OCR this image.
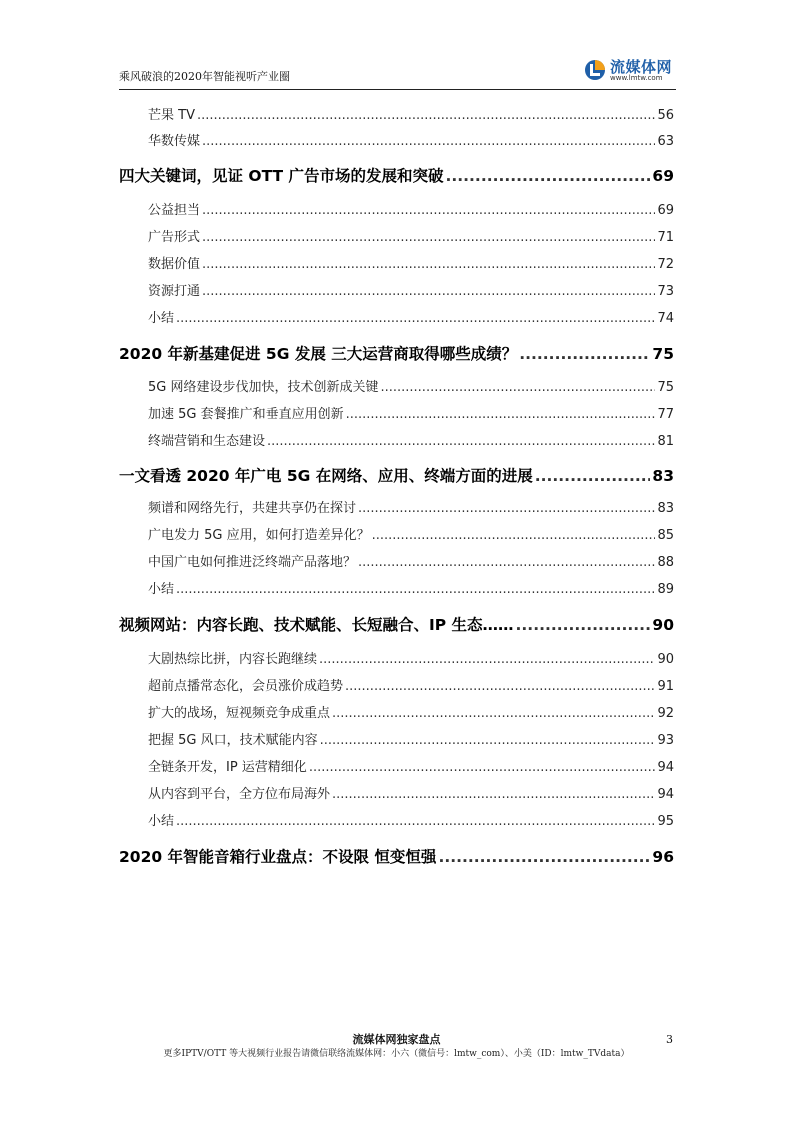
乘风破浪的2020年智能视听产业圈
流媒体网
www.lmtw.com
芒果 TV .....	56
华数传媒 .....	63
四大关键词，见证 OTT 广告市场的发展和突破 .....	69
公益担当 .....	69
广告形式 .....	71
数据价值 .....	72
资源打通 .....	73
小结 .....	74
2020 年新基建促进 5G 发展 三大运营商取得哪些成绩？ .....	75
5G 网络建设步伐加快，技术创新成关键 .....	75
加速 5G 套餐推广和垂直应用创新 .....	77
终端营销和生态建设 .....	81
一文看透 2020 年广电 5G 在网络、应用、终端方面的进展 .....	83
频谱和网络先行，共建共享仍在探讨 .....	83
广电发力 5G 应用，如何打造差异化？ .....	85
中国广电如何推进泛终端产品落地？ .....	88
小结 .....	89
视频网站：内容长跑、技术赋能、长短融合、IP 生态…… .....	90
大剧热综比拼，内容长跑继续 .....	90
超前点播常态化，会员涨价成趋势 .....	91
扩大的战场，短视频竞争成重点 .....	92
把握 5G 风口，技术赋能内容 .....	93
全链条开发，IP 运营精细化 .....	94
从内容到平台，全方位布局海外 .....	94
小结 .....	95
2020 年智能音箱行业盘点：不设限 恒变恒强 .....	96
流媒体网独家盘点
更多IPTV/OTT 等大视频行业报告请微信联络流媒体网：小六（微信号：lmtw_com）、小美（ID：lmtw_TVdata）
3
